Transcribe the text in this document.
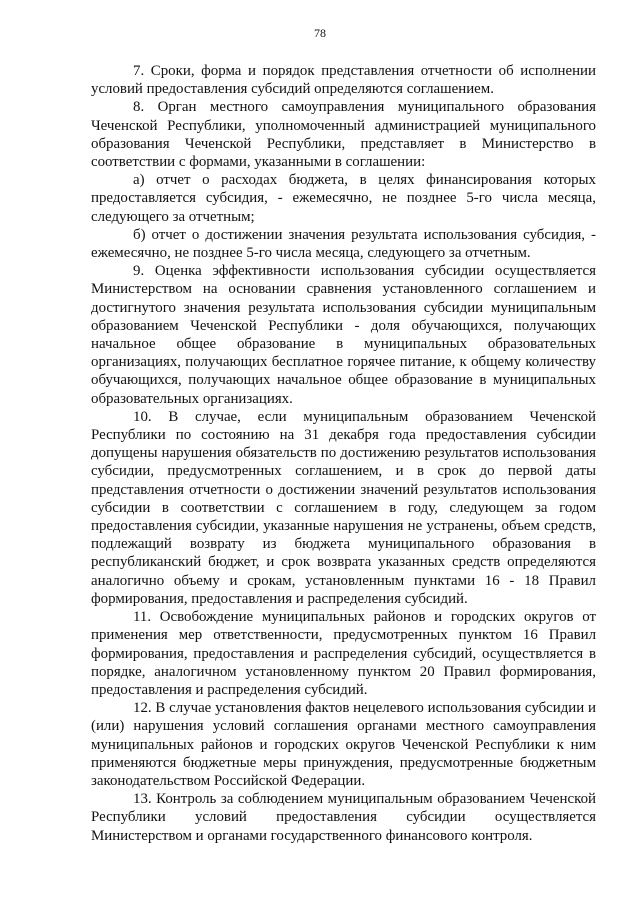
78

7. Сроки, форма и порядок представления отчетности об исполнении условий предоставления субсидий определяются соглашением.

8. Орган местного самоуправления муниципального образования Чеченской Республики, уполномоченный администрацией муниципального образования Чеченской Республики, представляет в Министерство в соответствии с формами, указанными в соглашении:

а) отчет о расходах бюджета, в целях финансирования которых предоставляется субсидия, - ежемесячно, не позднее 5-го числа месяца, следующего за отчетным;

б) отчет о достижении значения результата использования субсидия, - ежемесячно, не позднее 5-го числа месяца, следующего за отчетным.

9. Оценка эффективности использования субсидии осуществляется Министерством на основании сравнения установленного соглашением и достигнутого значения результата использования субсидии муниципальным образованием Чеченской Республики - доля обучающихся, получающих начальное общее образование в муниципальных образовательных организациях, получающих бесплатное горячее питание, к общему количеству обучающихся, получающих начальное общее образование в муниципальных образовательных организациях.

10. В случае, если муниципальным образованием Чеченской Республики по состоянию на 31 декабря года предоставления субсидии допущены нарушения обязательств по достижению результатов использования субсидии, предусмотренных соглашением, и в срок до первой даты представления отчетности о достижении значений результатов использования субсидии в соответствии с соглашением в году, следующем за годом предоставления субсидии, указанные нарушения не устранены, объем средств, подлежащий возврату из бюджета муниципального образования в республиканский бюджет, и срок возврата указанных средств определяются аналогично объему и срокам, установленным пунктами 16 - 18 Правил формирования, предоставления и распределения субсидий.

11. Освобождение муниципальных районов и городских округов от применения мер ответственности, предусмотренных пунктом 16 Правил формирования, предоставления и распределения субсидий, осуществляется в порядке, аналогичном установленному пунктом 20 Правил формирования, предоставления и распределения субсидий.

12. В случае установления фактов нецелевого использования субсидии и (или) нарушения условий соглашения органами местного самоуправления муниципальных районов и городских округов Чеченской Республики к ним применяются бюджетные меры принуждения, предусмотренные бюджетным законодательством Российской Федерации.

13. Контроль за соблюдением муниципальным образованием Чеченской Республики условий предоставления субсидии осуществляется Министерством и органами государственного финансового контроля.
